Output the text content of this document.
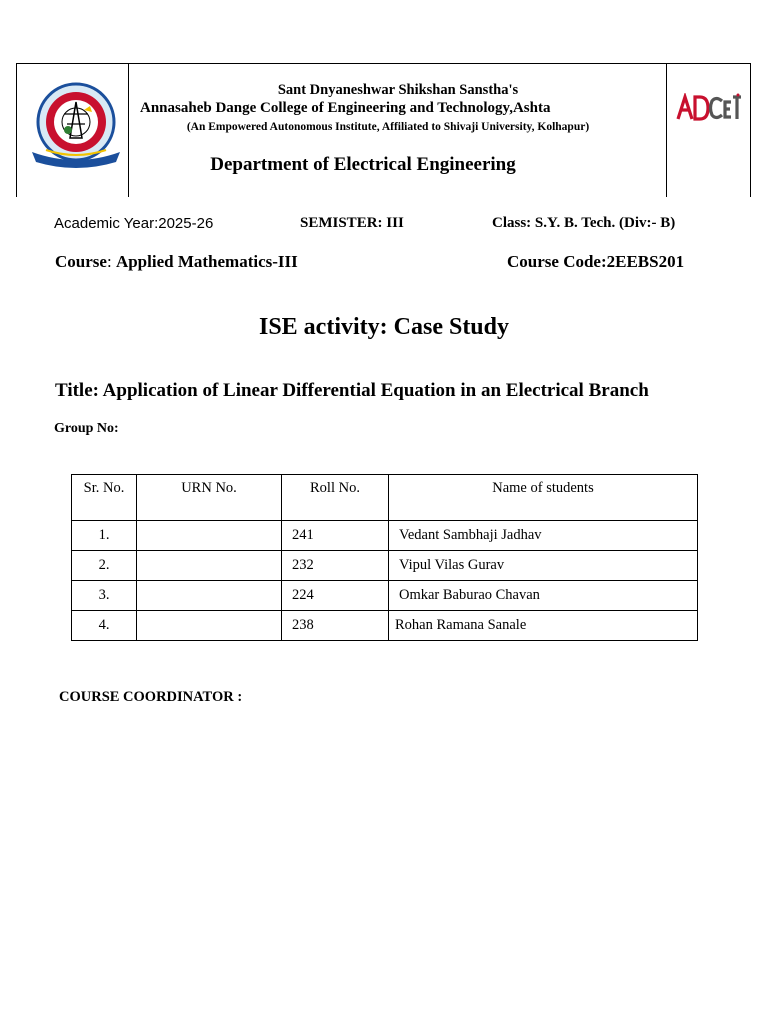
Sant Dnyaneshwar Shikshan Sanstha's
Annasaheb Dange College of Engineering and Technology,Ashta
(An Empowered Autonomous Institute, Affiliated to Shivaji University, Kolhapur)
Department of Electrical Engineering
Academic Year:2025-26	SEMISTER: III	Class: S.Y. B. Tech. (Div:- B)
Course: Applied Mathematics-III	Course Code:2EEBS201
ISE activity: Case Study
Title: Application of Linear Differential Equation in an Electrical Branch
Group No:
Sr. No.	URN No.	Roll No.	Name of students
1.		241	Vedant Sambhaji Jadhav
2.		232	Vipul Vilas Gurav
3.		224	Omkar Baburao Chavan
4.		238	Rohan Ramana Sanale
COURSE COORDINATOR :
